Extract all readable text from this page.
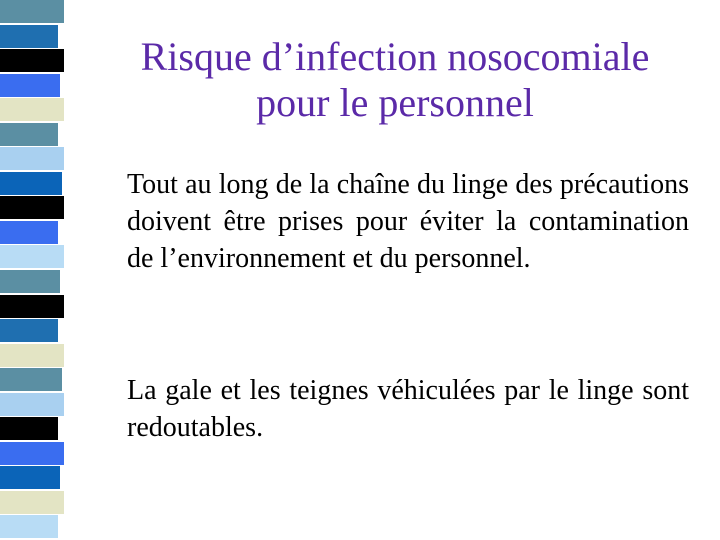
Risque d’infection nosocomiale
pour le personnel
Tout au long de la chaîne du linge des précautions doivent être prises pour éviter la contamination de l’environnement et du personnel.
La gale et les teignes véhiculées par le linge sont redoutables.
